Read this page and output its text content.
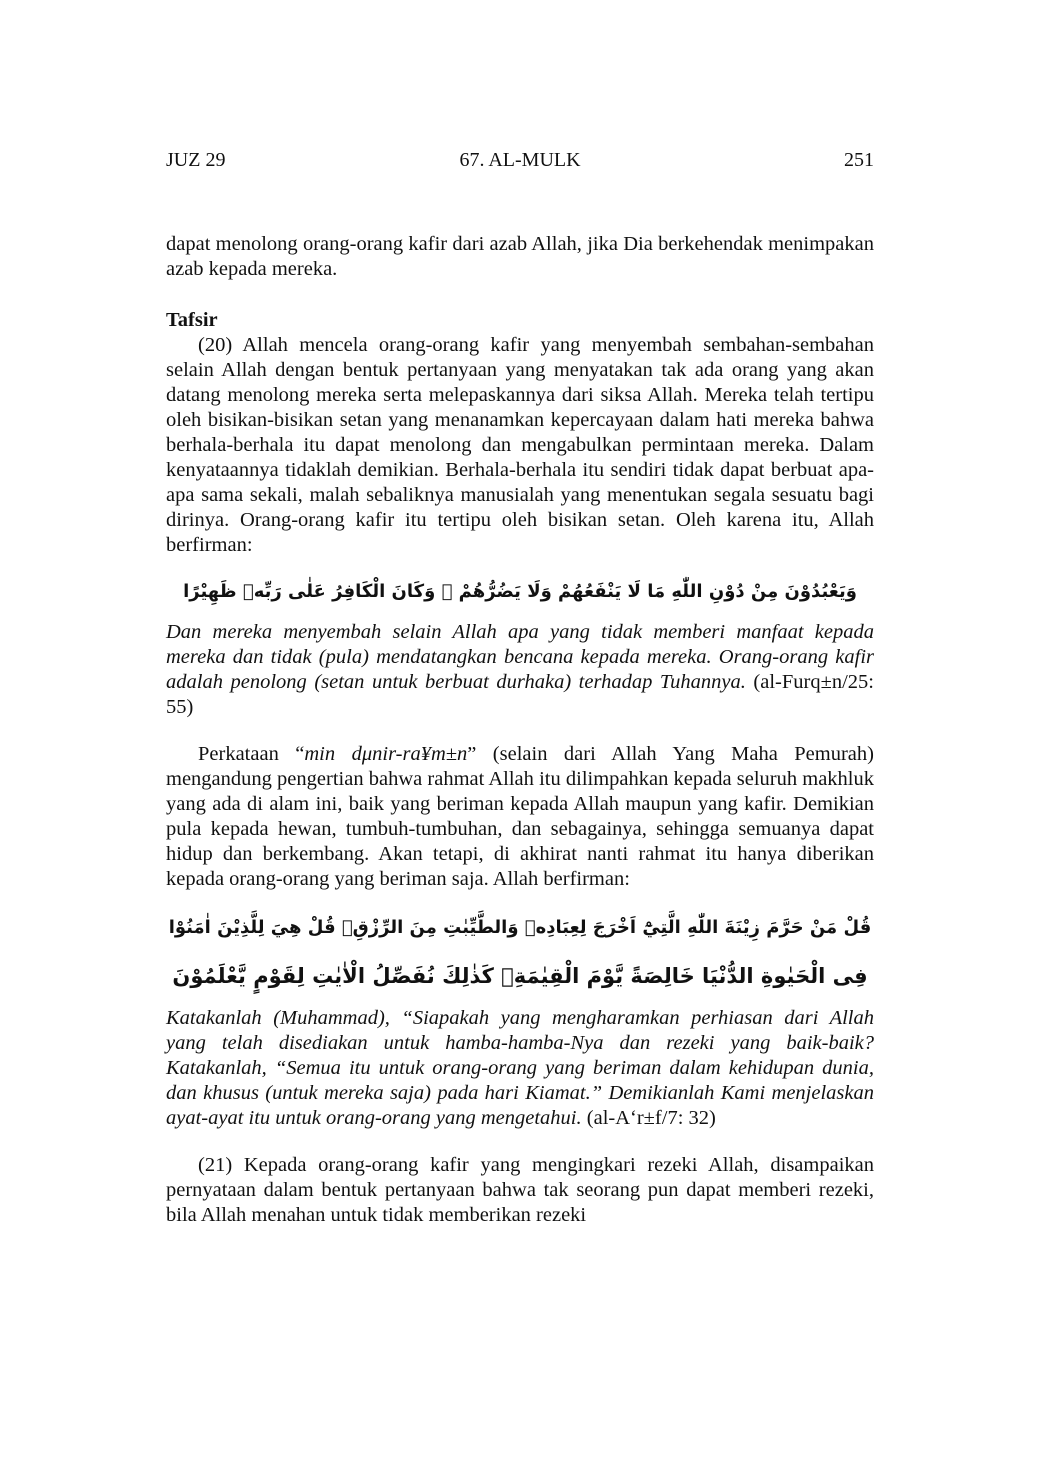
JUZ 29	67. AL-MULK	251

dapat menolong orang-orang kafir dari azab Allah, jika Dia berkehendak menimpakan azab kepada mereka.

Tafsir

(20) Allah mencela orang-orang kafir yang menyembah sembahan-sembahan selain Allah dengan bentuk pertanyaan yang menyatakan tak ada orang yang akan datang menolong mereka serta melepaskannya dari siksa Allah. Mereka telah tertipu oleh bisikan-bisikan setan yang menanamkan kepercayaan dalam hati mereka bahwa berhala-berhala itu dapat menolong dan mengabulkan permintaan mereka. Dalam kenyataannya tidaklah demikian. Berhala-berhala itu sendiri tidak dapat berbuat apa-apa sama sekali, malah sebaliknya manusialah yang menentukan segala sesuatu bagi dirinya. Orang-orang kafir itu tertipu oleh bisikan setan. Oleh karena itu, Allah berfirman:

وَيَعْبُدُوْنَ مِنْ دُوْنِ اللّٰهِ مَا لَا يَنْفَعُهُمْ وَلَا يَضُرُّهُمْ ۗ وَكَانَ الْكَافِرُ عَلٰى رَبِّهٖ ظَهِيْرًا

Dan mereka menyembah selain Allah apa yang tidak memberi manfaat kepada mereka dan tidak (pula) mendatangkan bencana kepada mereka. Orang-orang kafir adalah penolong (setan untuk berbuat durhaka) terhadap Tuhannya. (al-Furq±n/25: 55)

Perkataan “min dμnir-ra¥m±n” (selain dari Allah Yang Maha Pemurah) mengandung pengertian bahwa rahmat Allah itu dilimpahkan kepada seluruh makhluk yang ada di alam ini, baik yang beriman kepada Allah maupun yang kafir. Demikian pula kepada hewan, tumbuh-tumbuhan, dan sebagainya, sehingga semuanya dapat hidup dan berkembang. Akan tetapi, di akhirat nanti rahmat itu hanya diberikan kepada orang-orang yang beriman saja. Allah berfirman:

قُلْ مَنْ حَرَّمَ زِيْنَةَ اللّٰهِ الَّتِيْٓ اَخْرَجَ لِعِبَادِهٖ وَالطَّيِّبٰتِ مِنَ الرِّزْقِۗ قُلْ هِيَ لِلَّذِيْنَ اٰمَنُوْا
فِى الْحَيٰوةِ الدُّنْيَا خَالِصَةً يَّوْمَ الْقِيٰمَةِۗ كَذٰلِكَ نُفَصِّلُ الْاٰيٰتِ لِقَوْمٍ يَّعْلَمُوْنَ

Katakanlah (Muhammad), “Siapakah yang mengharamkan perhiasan dari Allah yang telah disediakan untuk hamba-hamba-Nya dan rezeki yang baik-baik? Katakanlah, “Semua itu untuk orang-orang yang beriman dalam kehidupan dunia, dan khusus (untuk mereka saja) pada hari Kiamat.” Demikianlah Kami menjelaskan ayat-ayat itu untuk orang-orang yang mengetahui. (al-A‘r±f/7: 32)

(21) Kepada orang-orang kafir yang mengingkari rezeki Allah, disampaikan pernyataan dalam bentuk pertanyaan bahwa tak seorang pun dapat memberi rezeki, bila Allah menahan untuk tidak memberikan rezeki
